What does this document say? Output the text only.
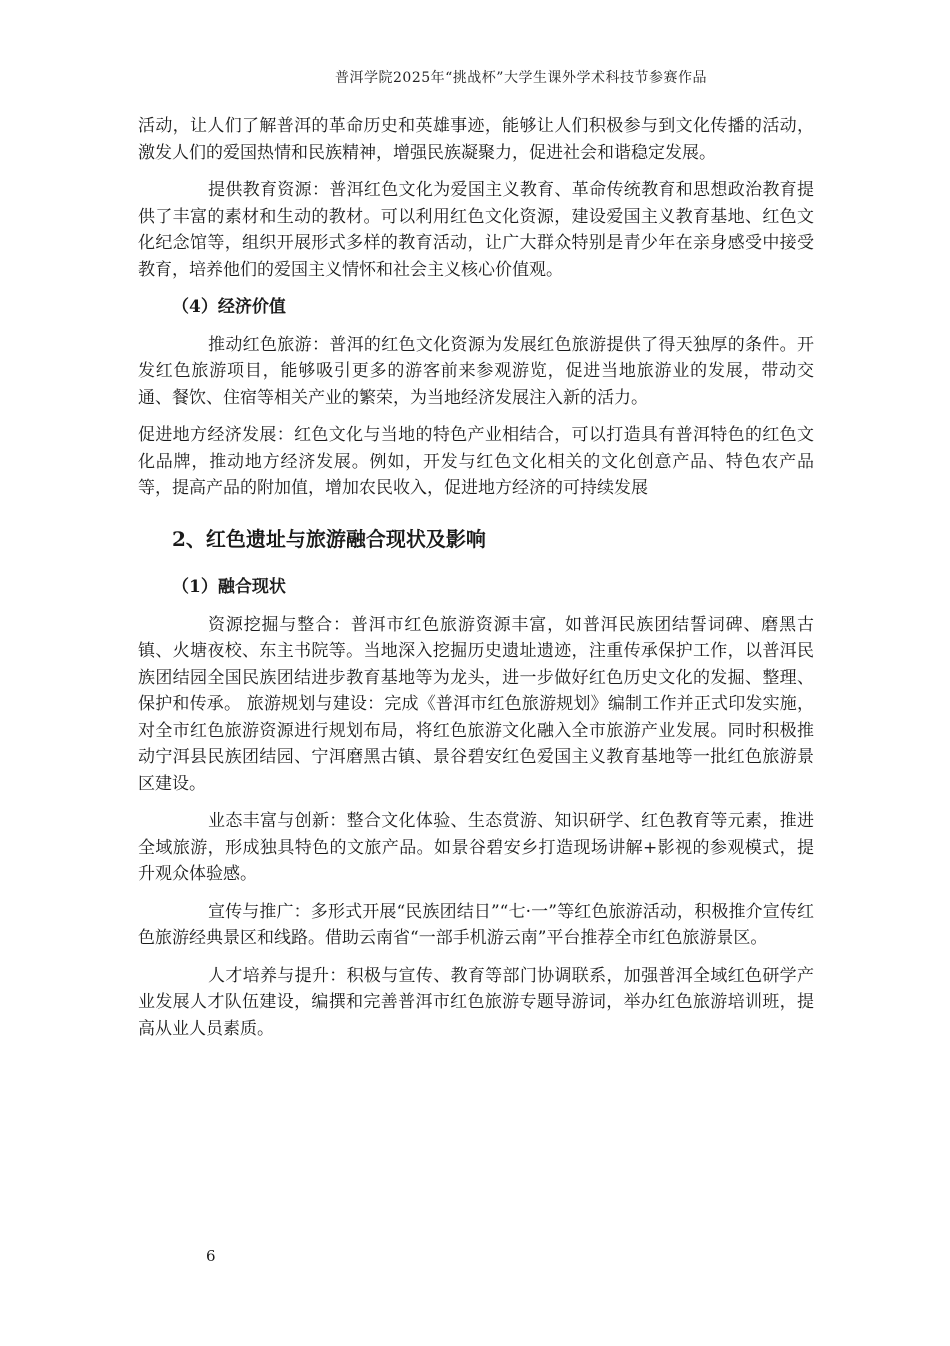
普洱学院2025年“挑战杯”大学生课外学术科技节参赛作品

活动，让人们了解普洱的革命历史和英雄事迹，能够让人们积极参与到文化传播的活动，激发人们的爱国热情和民族精神，增强民族凝聚力，促进社会和谐稳定发展。

提供教育资源：普洱红色文化为爱国主义教育、革命传统教育和思想政治教育提供了丰富的素材和生动的教材。可以利用红色文化资源，建设爱国主义教育基地、红色文化纪念馆等，组织开展形式多样的教育活动，让广大群众特别是青少年在亲身感受中接受教育，培养他们的爱国主义情怀和社会主义核心价值观。

（4）经济价值

推动红色旅游：普洱的红色文化资源为发展红色旅游提供了得天独厚的条件。开发红色旅游项目，能够吸引更多的游客前来参观游览，促进当地旅游业的发展，带动交通、餐饮、住宿等相关产业的繁荣，为当地经济发展注入新的活力。

促进地方经济发展：红色文化与当地的特色产业相结合，可以打造具有普洱特色的红色文化品牌，推动地方经济发展。例如，开发与红色文化相关的文化创意产品、特色农产品等，提高产品的附加值，增加农民收入，促进地方经济的可持续发展

2、红色遗址与旅游融合现状及影响

（1）融合现状

资源挖掘与整合：普洱市红色旅游资源丰富，如普洱民族团结誓词碑、磨黑古镇、火塘夜校、东主书院等。当地深入挖掘历史遗址遗迹，注重传承保护工作，以普洱民族团结园全国民族团结进步教育基地等为龙头，进一步做好红色历史文化的发掘、整理、保护和传承。 旅游规划与建设：完成《普洱市红色旅游规划》编制工作并正式印发实施，对全市红色旅游资源进行规划布局，将红色旅游文化融入全市旅游产业发展。同时积极推动宁洱县民族团结园、宁洱磨黑古镇、景谷碧安红色爱国主义教育基地等一批红色旅游景区建设。

业态丰富与创新：整合文化体验、生态赏游、知识研学、红色教育等元素，推进全域旅游，形成独具特色的文旅产品。如景谷碧安乡打造现场讲解+影视的参观模式，提升观众体验感。

宣传与推广：多形式开展“民族团结日”“七·一”等红色旅游活动，积极推介宣传红色旅游经典景区和线路。借助云南省“一部手机游云南”平台推荐全市红色旅游景区。

人才培养与提升：积极与宣传、教育等部门协调联系，加强普洱全域红色研学产业发展人才队伍建设，编撰和完善普洱市红色旅游专题导游词，举办红色旅游培训班，提高从业人员素质。

6
